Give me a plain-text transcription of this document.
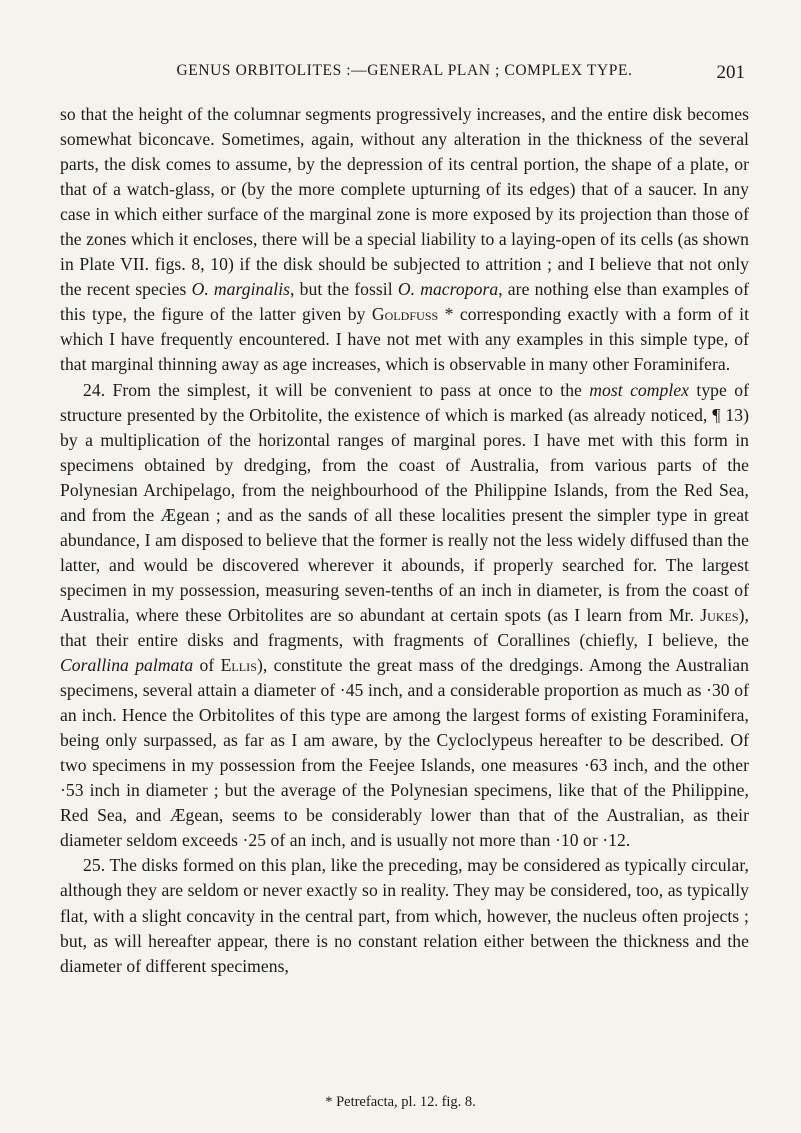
GENUS ORBITOLITES :—GENERAL PLAN ; COMPLEX TYPE.	201

so that the height of the columnar segments progressively increases, and the entire disk becomes somewhat biconcave. Sometimes, again, without any alteration in the thickness of the several parts, the disk comes to assume, by the depression of its central portion, the shape of a plate, or that of a watch-glass, or (by the more complete upturning of its edges) that of a saucer. In any case in which either surface of the marginal zone is more exposed by its projection than those of the zones which it encloses, there will be a special liability to a laying-open of its cells (as shown in Plate VII. figs. 8, 10) if the disk should be subjected to attrition ; and I believe that not only the recent species O. marginalis, but the fossil O. macropora, are nothing else than examples of this type, the figure of the latter given by Goldfuss * corresponding exactly with a form of it which I have frequently encountered. I have not met with any examples in this simple type, of that marginal thinning away as age increases, which is observable in many other Foraminifera.

24. From the simplest, it will be convenient to pass at once to the most complex type of structure presented by the Orbitolite, the existence of which is marked (as already noticed, ¶ 13) by a multiplication of the horizontal ranges of marginal pores. I have met with this form in specimens obtained by dredging, from the coast of Australia, from various parts of the Polynesian Archipelago, from the neighbourhood of the Philippine Islands, from the Red Sea, and from the Ægean ; and as the sands of all these localities present the simpler type in great abundance, I am disposed to believe that the former is really not the less widely diffused than the latter, and would be discovered wherever it abounds, if properly searched for. The largest specimen in my possession, measuring seven-tenths of an inch in diameter, is from the coast of Australia, where these Orbitolites are so abundant at certain spots (as I learn from Mr. Jukes), that their entire disks and fragments, with fragments of Corallines (chiefly, I believe, the Corallina palmata of Ellis), constitute the great mass of the dredgings. Among the Australian specimens, several attain a diameter of ·45 inch, and a considerable proportion as much as ·30 of an inch. Hence the Orbitolites of this type are among the largest forms of existing Foraminifera, being only surpassed, as far as I am aware, by the Cycloclypeus hereafter to be described. Of two specimens in my possession from the Feejee Islands, one measures ·63 inch, and the other ·53 inch in diameter ; but the average of the Polynesian specimens, like that of the Philippine, Red Sea, and Ægean, seems to be considerably lower than that of the Australian, as their diameter seldom exceeds ·25 of an inch, and is usually not more than ·10 or ·12.

25. The disks formed on this plan, like the preceding, may be considered as typically circular, although they are seldom or never exactly so in reality. They may be considered, too, as typically flat, with a slight concavity in the central part, from which, however, the nucleus often projects ; but, as will hereafter appear, there is no constant relation either between the thickness and the diameter of different specimens,

* Petrefacta, pl. 12. fig. 8.
